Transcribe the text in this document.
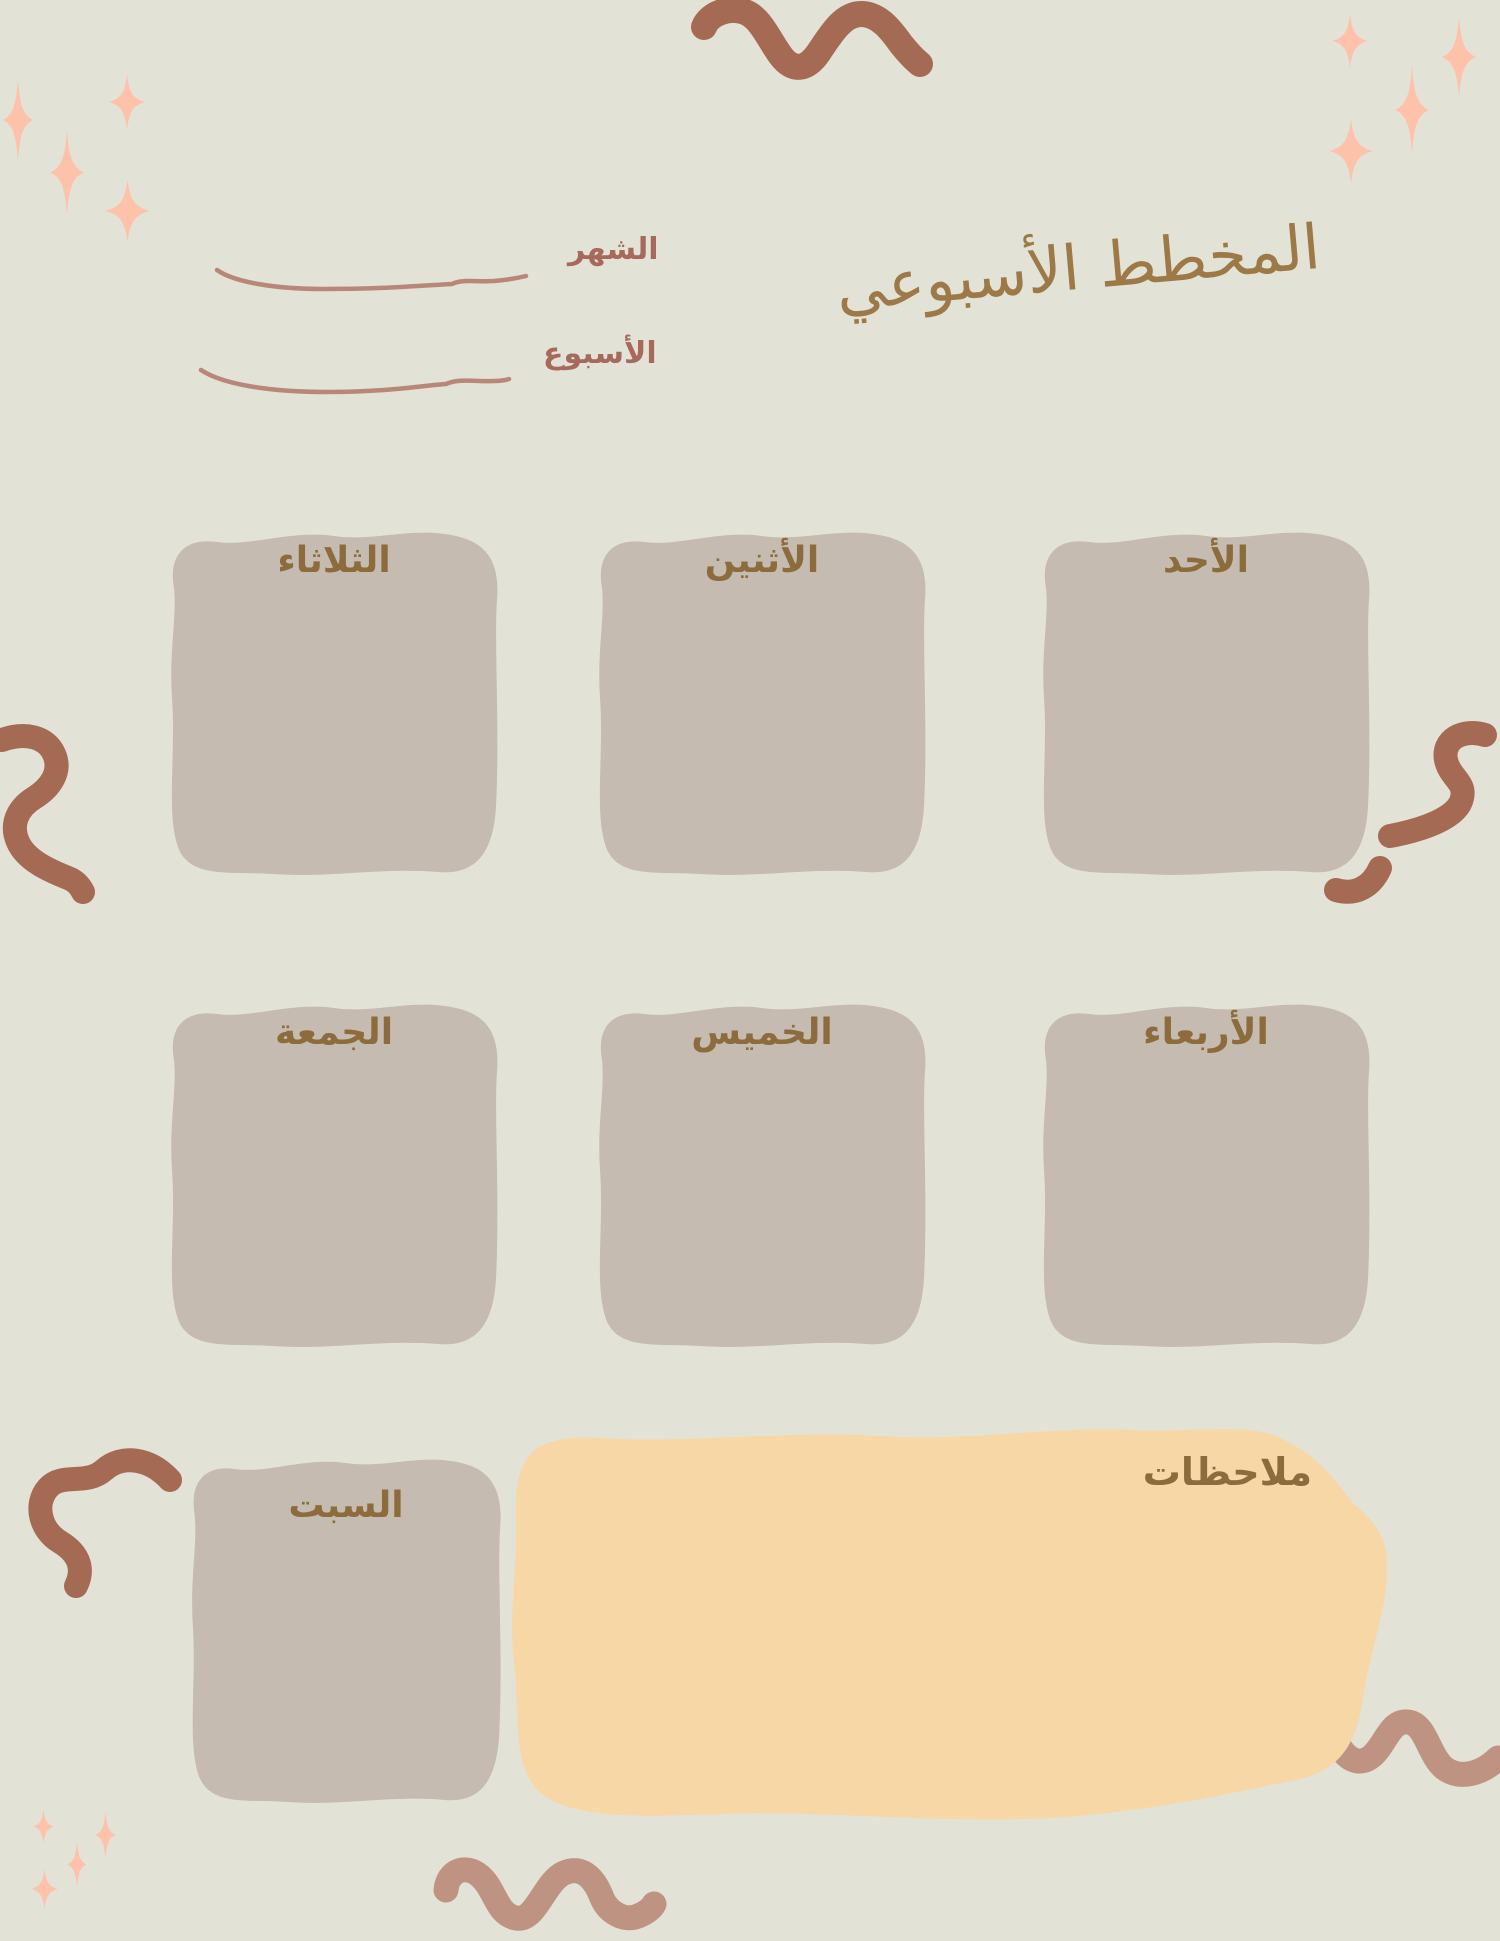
المخطط الأسبوعي
الشهر
الأسبوع
الأحد
الأثنين
الثلاثاء
الأربعاء
الخميس
الجمعة
السبت
ملاحظات
